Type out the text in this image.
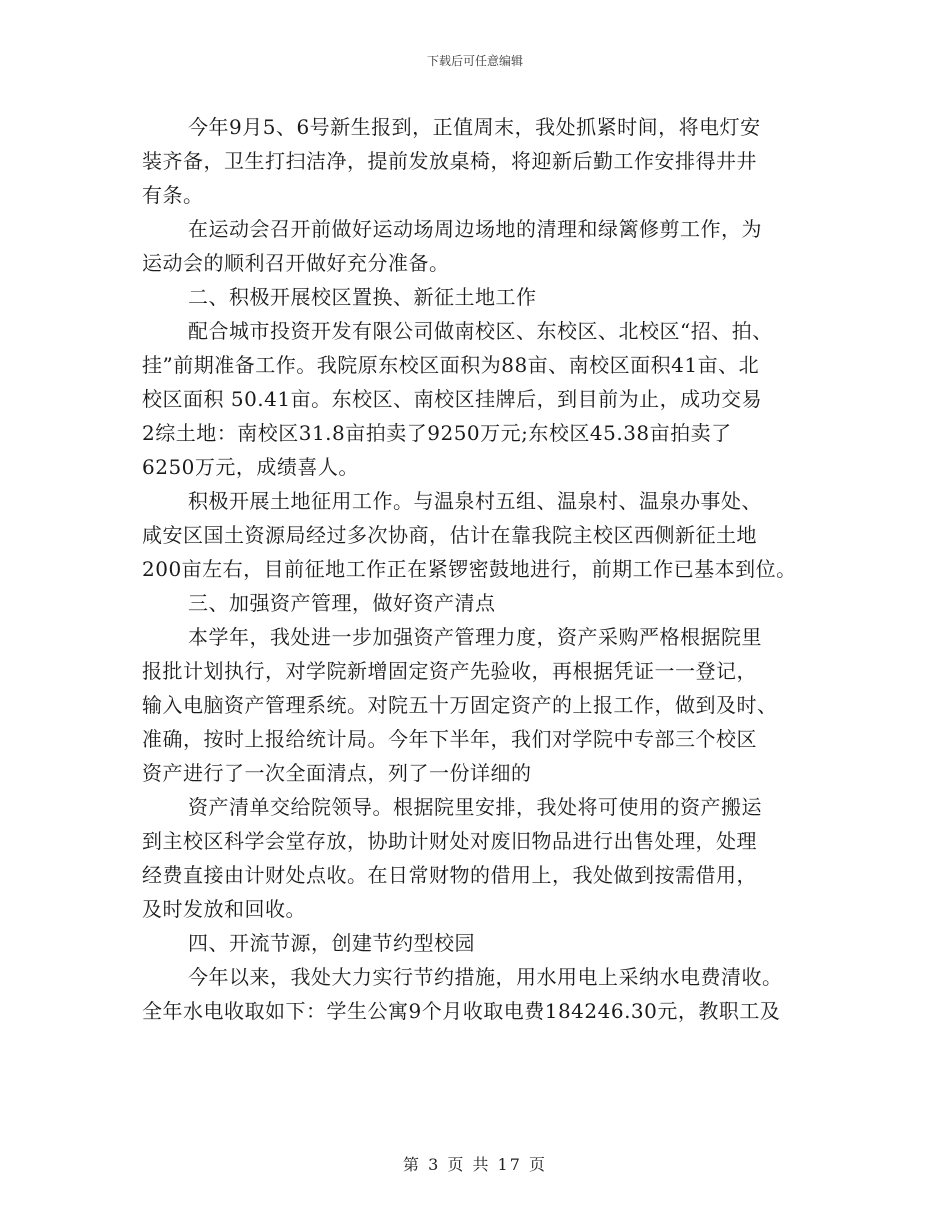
下载后可任意编辑
今年9月5、6号新生报到，正值周末，我处抓紧时间，将电灯安
装齐备，卫生打扫洁净，提前发放桌椅，将迎新后勤工作安排得井井
有条。
在运动会召开前做好运动场周边场地的清理和绿篱修剪工作，为
运动会的顺利召开做好充分准备。
二、积极开展校区置换、新征土地工作
配合城市投资开发有限公司做南校区、东校区、北校区“招、拍、
挂”前期准备工作。我院原东校区面积为88亩、南校区面积41亩、北
校区面积 50.41亩。东校区、南校区挂牌后，到目前为止，成功交易
2综土地：南校区31.8亩拍卖了9250万元;东校区45.38亩拍卖了
6250万元，成绩喜人。
积极开展土地征用工作。与温泉村五组、温泉村、温泉办事处、
咸安区国土资源局经过多次协商，估计在靠我院主校区西侧新征土地
200亩左右，目前征地工作正在紧锣密鼓地进行，前期工作已基本到位。
三、加强资产管理，做好资产清点
本学年，我处进一步加强资产管理力度，资产采购严格根据院里
报批计划执行，对学院新增固定资产先验收，再根据凭证一一登记，
输入电脑资产管理系统。对院五十万固定资产的上报工作，做到及时、
准确，按时上报给统计局。今年下半年，我们对学院中专部三个校区
资产进行了一次全面清点，列了一份详细的
资产清单交给院领导。根据院里安排，我处将可使用的资产搬运
到主校区科学会堂存放，协助计财处对废旧物品进行出售处理，处理
经费直接由计财处点收。在日常财物的借用上，我处做到按需借用，
及时发放和回收。
四、开流节源，创建节约型校园
今年以来，我处大力实行节约措施，用水用电上采纳水电费清收。
全年水电收取如下：学生公寓9个月收取电费184246.30元，教职工及
第 3 页 共 17 页
